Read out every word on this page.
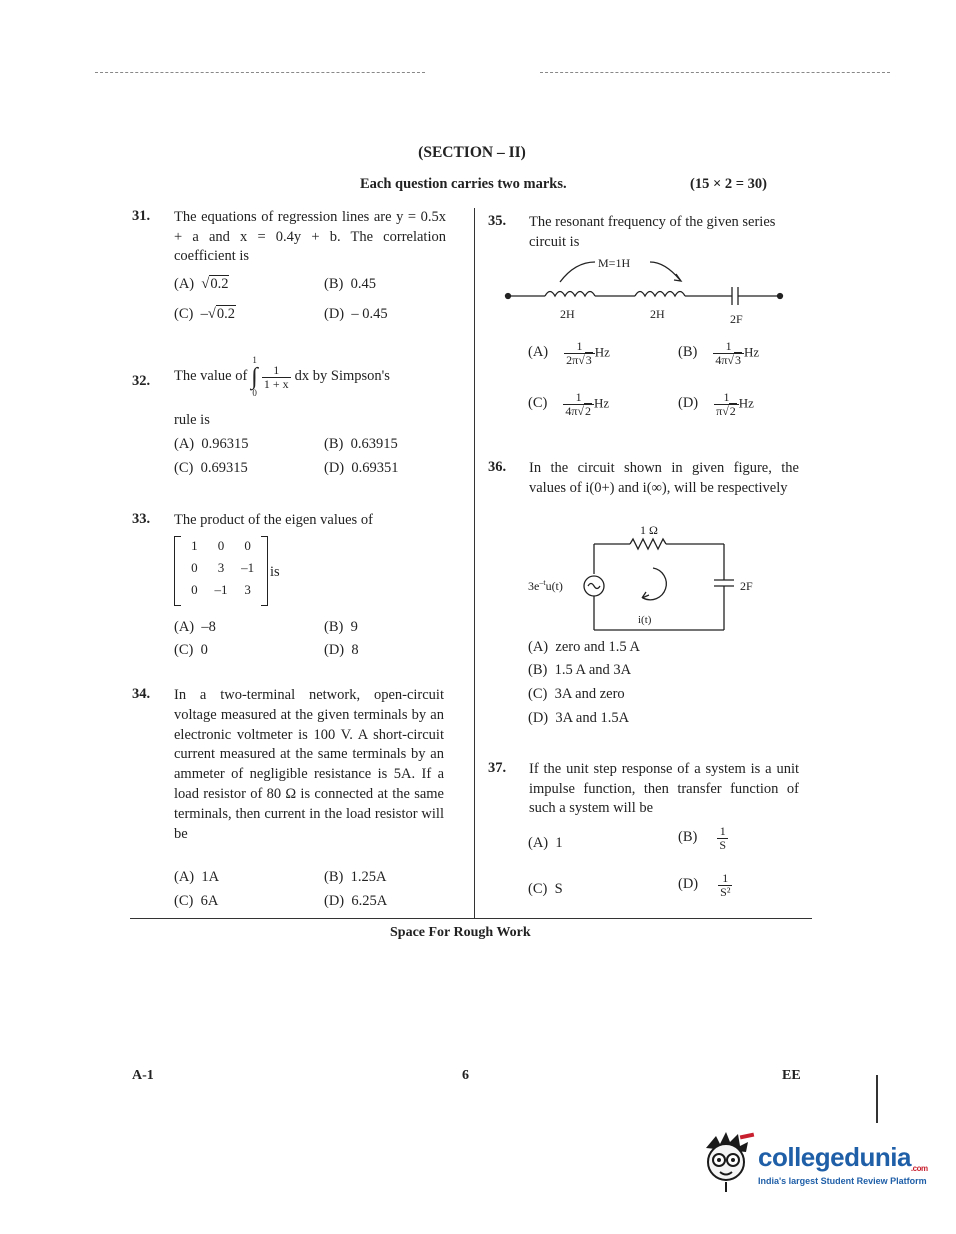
(SECTION – II)
Each question carries two marks.	(15 × 2 = 30)
31. The equations of regression lines are y = 0.5x + a and x = 0.4y + b. The correlation coefficient is
(A)  √0.2	(B) 0.45
(C)  –√0.2	(D) – 0.45
32. The value of
1
∫
0
$\frac{1}{1 + x}$ dx by Simpson's
rule is
(A) 0.96315	(B) 0.63915
(C) 0.69315	(D) 0.69351
33. The product of the eigen values of
1	0	0
0	3	–1
0	–1	3
is
(A) –8	(B) 9
(C) 0	(D) 8
34. In a two-terminal network, open-circuit voltage measured at the given terminals by an electronic voltmeter is 100 V. A short-circuit current measured at the same terminals by an ammeter of negligible resistance is 5A. If a load resistor of 80 Ω is connected at the same terminals, then current in the load resistor will be
(A) 1A	(B) 1.25A
(C) 6A	(D) 6.25A
35. The resonant frequency of the given series circuit is
M=1H
2H	2H	2F
$(A) \frac{1}{2\pi√3}$ Hz	$(B) \frac{1}{4\pi√3}$ Hz
$(C) \frac{1}{4\pi√2}$ Hz	$(D) \frac{1}{\pi√2}$ Hz
36. In the circuit shown in given figure, the values of i(0+) and i(∞), will be respectively
1 Ω
$3e^{-t}u(t)$	2F
i(t)
(A) zero and 1.5 A
(B) 1.5 A and 3A
(C) 3A and zero
(D) 3A and 1.5A
37. If the unit step response of a system is a unit impulse function, then transfer function of such a system will be
(A) 1	$(B) \frac{1}{S}$
(C) S	$(D) \frac{1}{\text{S²}}$
Space For Rough Work
A-1	6	EE
collegedunia.com
India's largest Student Review Platform
